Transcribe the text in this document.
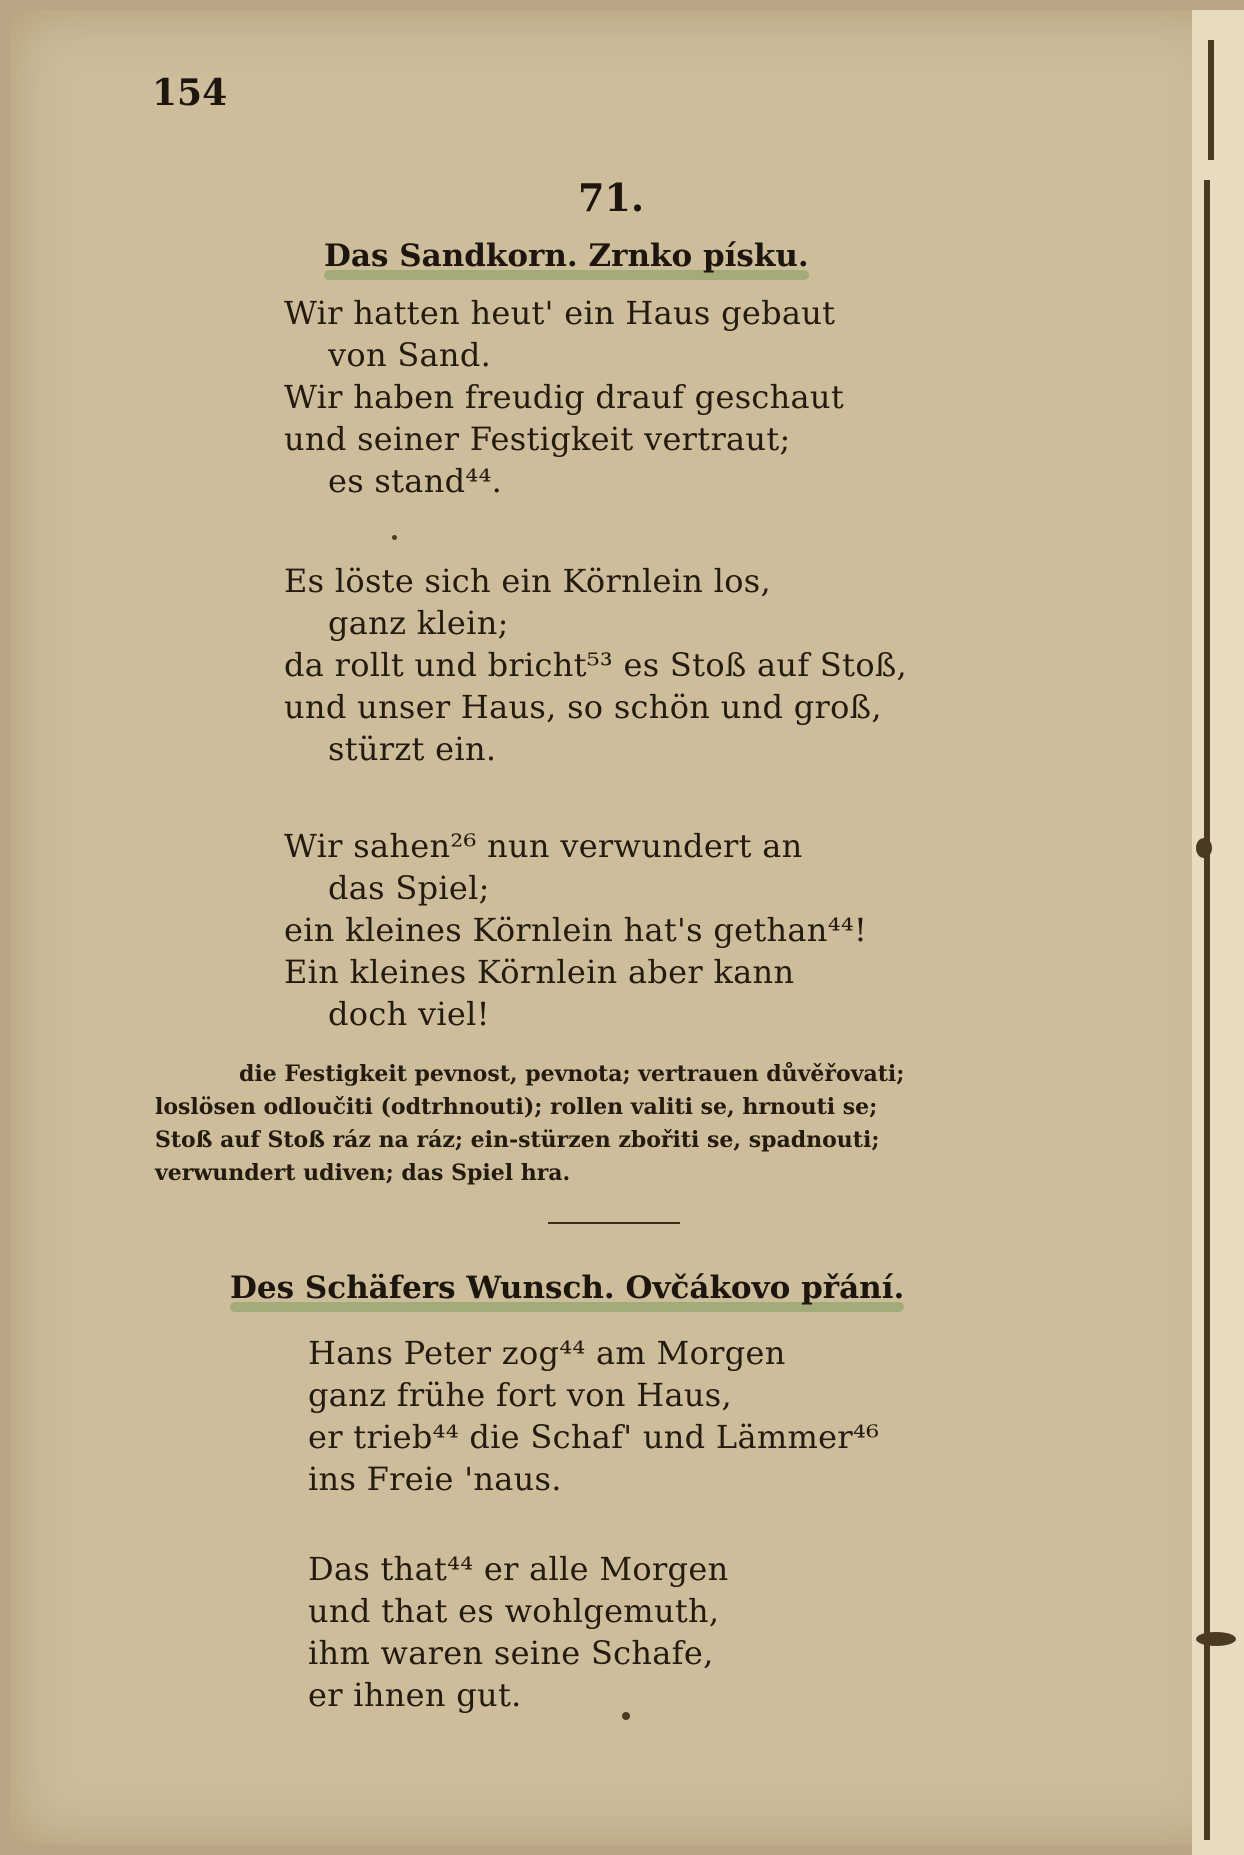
154
71.
Das Sandkorn. Zrnko písku.
Wir hatten heut' ein Haus gebaut
von Sand.
Wir haben freudig drauf geschaut
und seiner Festigkeit vertraut;
es stand⁴⁴.
Es löste sich ein Körnlein los,
ganz klein;
da rollt und bricht⁵³ es Stoß auf Stoß,
und unser Haus, so schön und groß,
stürzt ein.
Wir sahen²⁶ nun verwundert an
das Spiel;
ein kleines Körnlein hat's gethan⁴⁴!
Ein kleines Körnlein aber kann
doch viel!
die Festigkeit pevnost, pevnota; vertrauen důvěřovati;
loslösen odloučiti (odtrhnouti); rollen valiti se, hrnouti se;
Stoß auf Stoß ráz na ráz; ein-stürzen zbořiti se, spadnouti;
verwundert udiven; das Spiel hra.
Des Schäfers Wunsch. Ovčákovo přání.
Hans Peter zog⁴⁴ am Morgen
ganz frühe fort von Haus,
er trieb⁴⁴ die Schaf' und Lämmer⁴⁶
ins Freie 'naus.
Das that⁴⁴ er alle Morgen
und that es wohlgemuth,
ihm waren seine Schafe,
er ihnen gut.
